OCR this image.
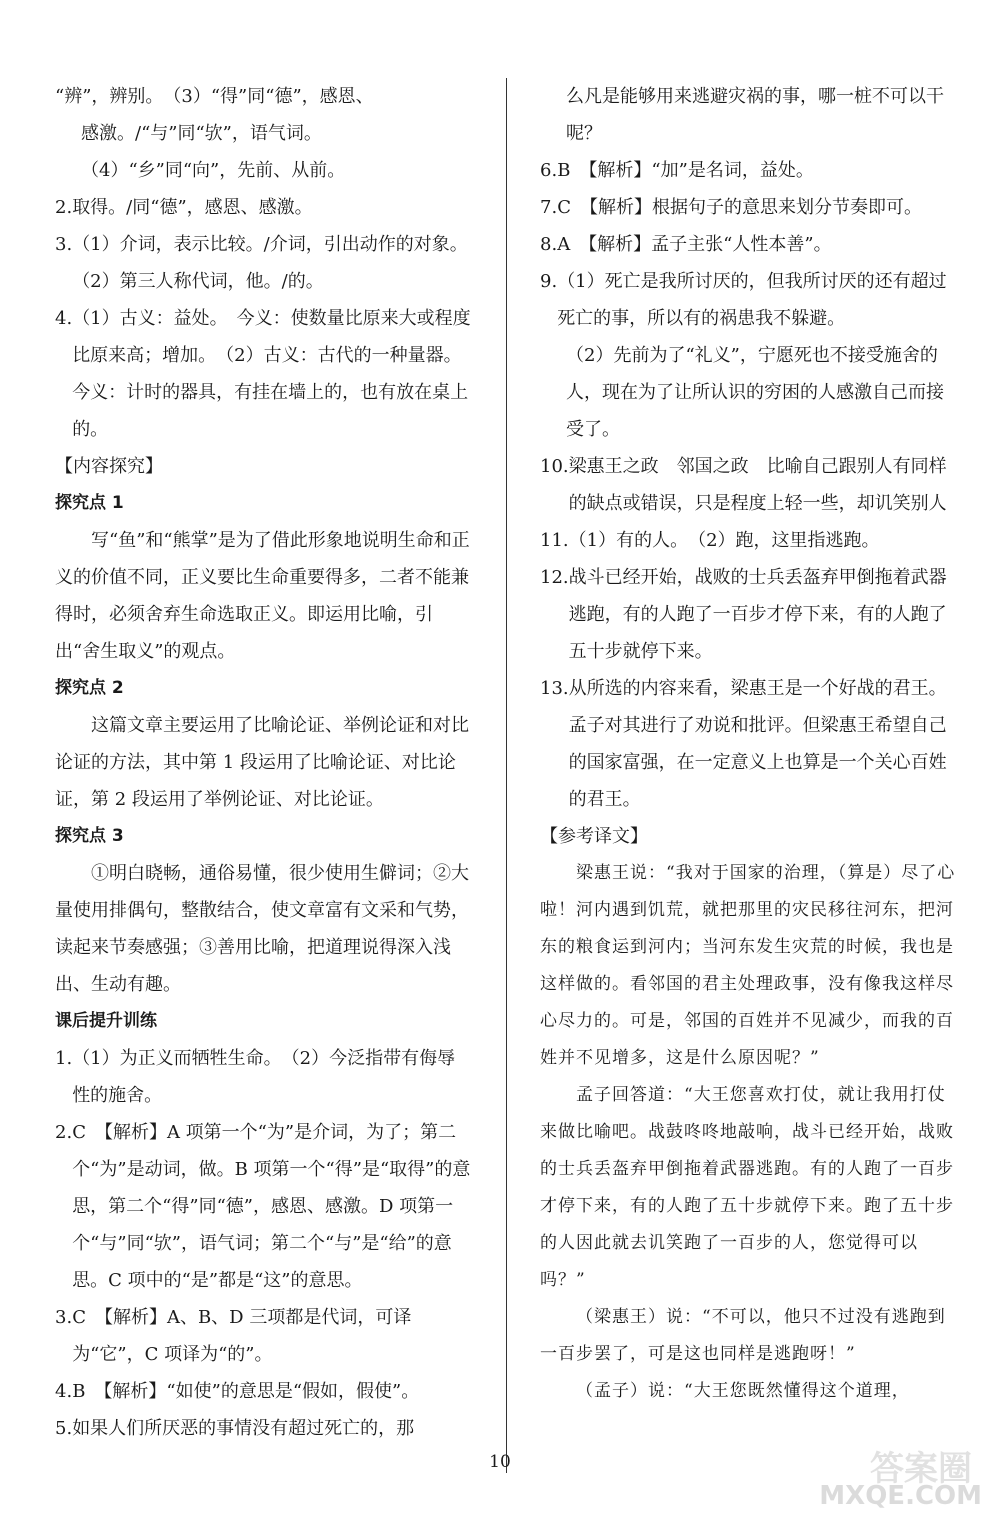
“辨”，辨别。　（3）“得”同“德”，感恩、

感激。/“与”同“欤”，语气词。

（4）“乡”同“向”，先前、从前。

2. 取得。/同“德”，感恩、感激。
3. （1）介词，表示比较。/介词，引出动作的对象。　（2）第三人称代词，他。/的。
4. （1）古义：益处。　今义：使数量比原来大或程度比原来高；增加。　（2）古义：古代的一种量器。　今义：计时的器具，有挂在墙上的，也有放在桌上的。

【内容探究】

探究点 1

写“鱼”和“熊掌”是为了借此形象地说明生命和正义的价值不同，正义要比生命重要得多，二者不能兼得时，必须舍弃生命选取正义。即运用比喻，引出“舍生取义”的观点。

探究点 2

这篇文章主要运用了比喻论证、举例论证和对比论证的方法，其中第 1 段运用了比喻论证、对比论证，第 2 段运用了举例论证、对比论证。

探究点 3

①明白晓畅，通俗易懂，很少使用生僻词；②大量使用排偶句，整散结合，使文章富有文采和气势，读起来节奏感强；③善用比喻，把道理说得深入浅出、生动有趣。

课后提升训练

1. （1）为正义而牺牲生命。　（2）今泛指带有侮辱性的施舍。
2. C　【解析】A 项第一个“为”是介词，为了；第二个“为”是动词，做。B 项第一个“得”是“取得”的意思，第二个“得”同“德”，感恩、感激。D 项第一个“与”同“欤”，语气词；第二个“与”是“给”的意思。C 项中的“是”都是“这”的意思。
3. C　【解析】A、B、D 三项都是代词，可译为“它”，C 项译为“的”。
4. B　【解析】“如使”的意思是“假如，假使”。
5. 如果人们所厌恶的事情没有超过死亡的，那

么凡是能够用来逃避灾祸的事，哪一桩不可以干呢？

6. B　【解析】“加”是名词，益处。
7. C　【解析】根据句子的意思来划分节奏即可。
8. A　【解析】孟子主张“人性本善”。
9. （1）死亡是我所讨厌的，但我所讨厌的还有超过死亡的事，所以有的祸患我不躲避。

（2）先前为了“礼义”，宁愿死也不接受施舍的人，现在为了让所认识的穷困的人感激自己而接受了。

10. 梁惠王之政　邻国之政　比喻自己跟别人有同样的缺点或错误，只是程度上轻一些，却讥笑别人
11. （1）有的人。　（2）跑，这里指逃跑。
12. 战斗已经开始，战败的士兵丢盔弃甲倒拖着武器逃跑，有的人跑了一百步才停下来，有的人跑了五十步就停下来。
13. 从所选的内容来看，梁惠王是一个好战的君王。孟子对其进行了劝说和批评。但梁惠王希望自己的国家富强，在一定意义上也算是一个关心百姓的君王。

【参考译文】

梁惠王说：“我对于国家的治理，（算是）尽了心啦！河内遇到饥荒，就把那里的灾民移往河东，把河东的粮食运到河内；当河东发生灾荒的时候，我也是这样做的。看邻国的君主处理政事，没有像我这样尽心尽力的。可是，邻国的百姓并不见减少，而我的百姓并不见增多，这是什么原因呢？”

孟子回答道：“大王您喜欢打仗，就让我用打仗来做比喻吧。战鼓咚咚地敲响，战斗已经开始，战败的士兵丢盔弃甲倒拖着武器逃跑。有的人跑了一百步才停下来，有的人跑了五十步就停下来。跑了五十步的人因此就去讥笑跑了一百步的人，您觉得可以吗？”

（梁惠王）说：“不可以，他只不过没有逃跑到一百步罢了，可是这也同样是逃跑呀！”

（孟子）说：“大王您既然懂得这个道理，

10	答案圈
MXQE.COM
